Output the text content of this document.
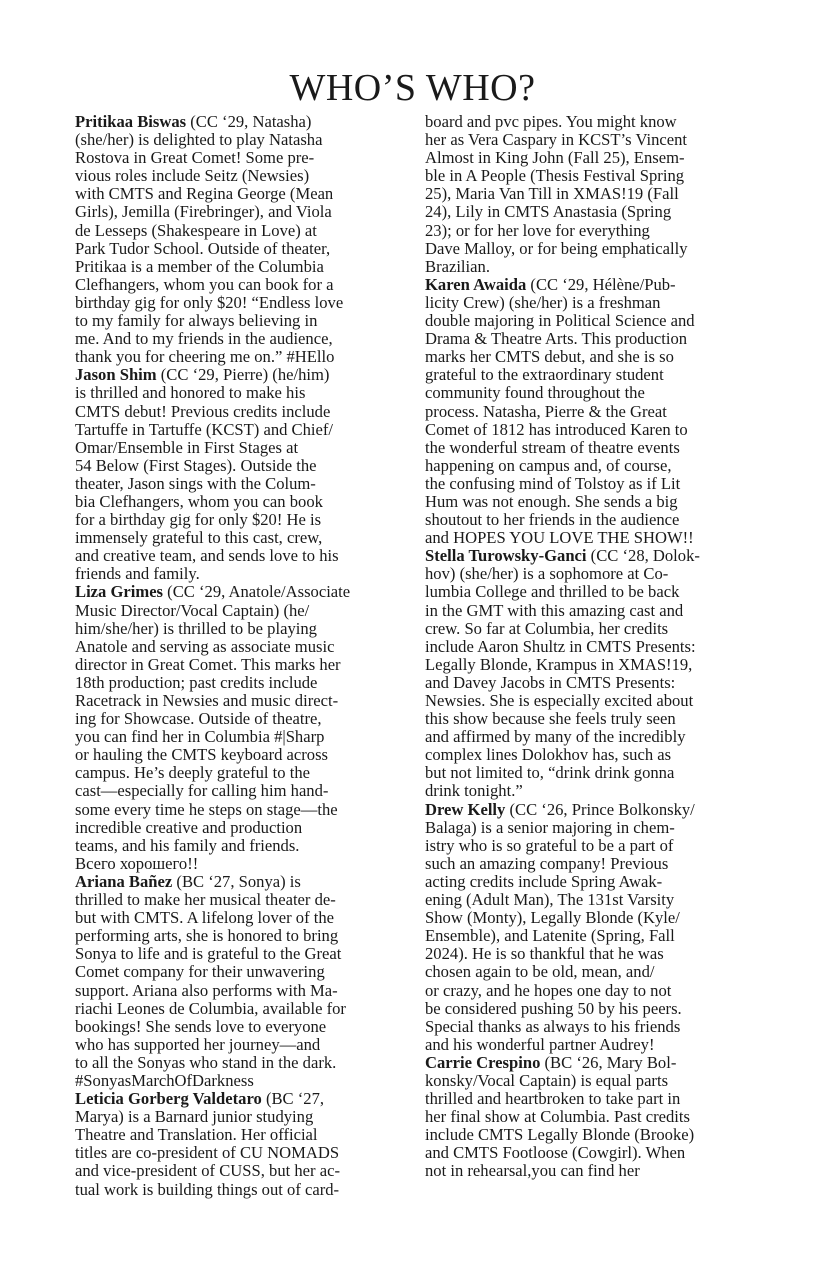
WHO’S WHO?

Pritikaa Biswas (CC ‘29, Natasha)

(she/her) is delighted to play Natasha

Rostova in Great Comet! Some pre-

vious roles include Seitz (Newsies)

with CMTS and Regina George (Mean

Girls), Jemilla (Firebringer), and Viola

de Lesseps (Shakespeare in Love) at

Park Tudor School. Outside of theater,

Pritikaa is a member of the Columbia

Clefhangers, whom you can book for a

birthday gig for only $20! “Endless love

to my family for always believing in

me. And to my friends in the audience,

thank you for cheering me on.” #HEllo

Jason Shim (CC ‘29, Pierre) (he/him)

is thrilled and honored to make his

CMTS debut! Previous credits include

Tartuffe in Tartuffe (KCST) and Chief/

Omar/Ensemble in First Stages at

54 Below (First Stages). Outside the

theater, Jason sings with the Colum-

bia Clefhangers, whom you can book

for a birthday gig for only $20! He is

immensely grateful to this cast, crew,

and creative team, and sends love to his

friends and family.

Liza Grimes (CC ‘29, Anatole/Associate

Music Director/Vocal Captain) (he/

him/she/her) is thrilled to be playing

Anatole and serving as associate music

director in Great Comet. This marks her

18th production; past credits include

Racetrack in Newsies and music direct-

ing for Showcase. Outside of theatre,

you can find her in Columbia #|Sharp

or hauling the CMTS keyboard across

campus. He’s deeply grateful to the

cast—especially for calling him hand-

some every time he steps on stage—the

incredible creative and production

teams, and his family and friends.

Всего хорошего!!

Ariana Bañez (BC ‘27, Sonya) is

thrilled to make her musical theater de-

but with CMTS. A lifelong lover of the

performing arts, she is honored to bring

Sonya to life and is grateful to the Great

Comet company for their unwavering

support. Ariana also performs with Ma-

riachi Leones de Columbia, available for

bookings! She sends love to everyone

who has supported her journey—and

to all the Sonyas who stand in the dark.

#SonyasMarchOfDarkness

Leticia Gorberg Valdetaro (BC ‘27,

Marya) is a Barnard junior studying

Theatre and Translation. Her official

titles are co-president of CU NOMADS

and vice-president of CUSS, but her ac-

tual work is building things out of card-

board and pvc pipes. You might know

her as Vera Caspary in KCST’s Vincent

Almost in King John (Fall 25), Ensem-

ble in A People (Thesis Festival Spring

25), Maria Van Till in XMAS!19 (Fall

24), Lily in CMTS Anastasia (Spring

23); or for her love for everything

Dave Malloy, or for being emphatically

Brazilian.

Karen Awaida (CC ‘29, Hélène/Pub-

licity Crew) (she/her) is a freshman

double majoring in Political Science and

Drama & Theatre Arts. This production

marks her CMTS debut, and she is so

grateful to the extraordinary student

community found throughout the

process. Natasha, Pierre & the Great

Comet of 1812 has introduced Karen to

the wonderful stream of theatre events

happening on campus and, of course,

the confusing mind of Tolstoy as if Lit

Hum was not enough. She sends a big

shoutout to her friends in the audience

and HOPES YOU LOVE THE SHOW!!

Stella Turowsky-Ganci (CC ‘28, Dolok-

hov) (she/her) is a sophomore at Co-

lumbia College and thrilled to be back

in the GMT with this amazing cast and

crew. So far at Columbia, her credits

include Aaron Shultz in CMTS Presents:

Legally Blonde, Krampus in XMAS!19,

and Davey Jacobs in CMTS Presents:

Newsies. She is especially excited about

this show because she feels truly seen

and affirmed by many of the incredibly

complex lines Dolokhov has, such as

but not limited to, “drink drink gonna

drink tonight.”

Drew Kelly (CC ‘26, Prince Bolkonsky/

Balaga) is a senior majoring in chem-

istry who is so grateful to be a part of

such an amazing company! Previous

acting credits include Spring Awak-

ening (Adult Man), The 131st Varsity

Show (Monty), Legally Blonde (Kyle/

Ensemble), and Latenite (Spring, Fall

2024). He is so thankful that he was

chosen again to be old, mean, and/

or crazy, and he hopes one day to not

be considered pushing 50 by his peers.

Special thanks as always to his friends

and his wonderful partner Audrey!

Carrie Crespino (BC ‘26, Mary Bol-

konsky/Vocal Captain) is equal parts

thrilled and heartbroken to take part in

her final show at Columbia. Past credits

include CMTS Legally Blonde (Brooke)

and CMTS Footloose (Cowgirl). When

not in rehearsal,you can find her
